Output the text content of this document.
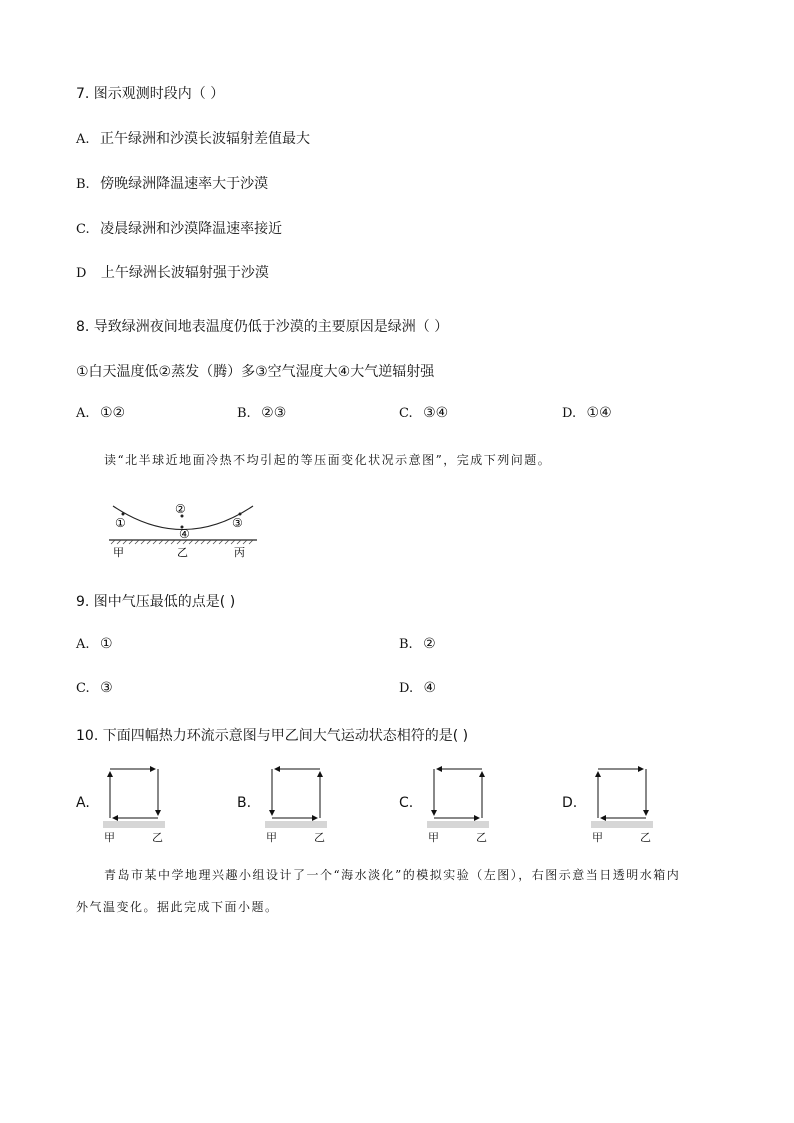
7. 图示观测时段内（ ）
A. 正午绿洲和沙漠长波辐射差值最大
B. 傍晚绿洲降温速率大于沙漠
C. 凌晨绿洲和沙漠降温速率接近
D 上午绿洲长波辐射强于沙漠
8. 导致绿洲夜间地表温度仍低于沙漠的主要原因是绿洲（ ）
①白天温度低②蒸发（腾）多③空气湿度大④大气逆辐射强
A. ①②	B. ②③	C. ③④	D. ①④
读“北半球近地面冷热不均引起的等压面变化状况示意图”，完成下列问题。
①
②
③
④
甲	乙	丙
9. 图中气压最低的点是( )
A. ①	B. ②
C. ③	D. ④
10. 下面四幅热力环流示意图与甲乙间大气运动状态相符的是( )
A.
甲	乙
B.
甲	乙
C.
甲	乙
D.
甲	乙
青岛市某中学地理兴趣小组设计了一个“海水淡化”的模拟实验（左图），右图示意当日透明水箱内
外气温变化。据此完成下面小题。
